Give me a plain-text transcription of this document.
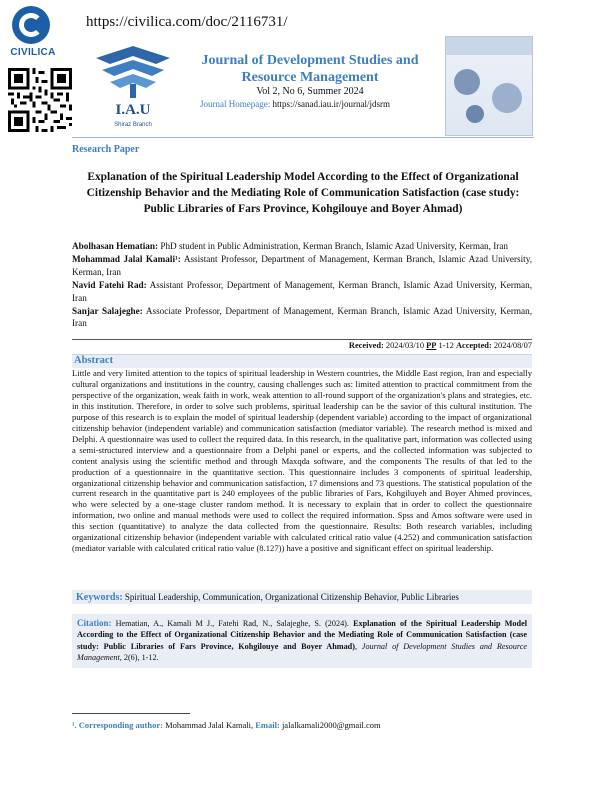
CIVILICA
https://civilica.com/doc/2116731/
I.A.U
Shiraz Branch
Journal of Development Studies and Resource Management
Vol 2, No 6, Summer 2024
Journal Homepage: https://sanad.iau.ir/journal/jdsrm
Research Paper
Explanation of the Spiritual Leadership Model According to the Effect of Organizational Citizenship Behavior and the Mediating Role of Communication Satisfaction (case study: Public Libraries of Fars Province, Kohgilouye and Boyer Ahmad)
Abolhasan Hematian: PhD student in Public Administration, Kerman Branch, Islamic Azad University, Kerman, Iran
Mohammad Jalal Kamali¹: Assistant Professor, Department of Management, Kerman Branch, Islamic Azad University, Kerman, Iran
Navid Fatehi Rad: Assistant Professor, Department of Management, Kerman Branch, Islamic Azad University, Kerman, Iran
Sanjar Salajeghe: Associate Professor, Department of Management, Kerman Branch, Islamic Azad University, Kerman, Iran
Received: 2024/03/10 PP 1-12 Accepted: 2024/08/07
Abstract
Little and very limited attention to the topics of spiritual leadership in Western countries, the Middle East region, Iran and especially cultural organizations and institutions in the country, causing challenges such as: limited attention to practical commitment from the perspective of the organization, weak faith in work, weak attention to all-round support of the organization's plans and strategies, etc. in this institution. Therefore, in order to solve such problems, spiritual leadership can be the savior of this cultural institution. The purpose of this research is to explain the model of spiritual leadership (dependent variable) according to the impact of organizational citizenship behavior (independent variable) and communication satisfaction (mediator variable). The research method is mixed and Delphi. A questionnaire was used to collect the required data. In this research, in the qualitative part, information was collected using a semi-structured interview and a questionnaire from a Delphi panel or experts, and the collected information was subjected to content analysis using the scientific method and through Maxqda software, and the components The results of that led to the production of a questionnaire in the quantitative section. This questionnaire includes 3 components of spiritual leadership, organizational citizenship behavior and communication satisfaction, 17 dimensions and 73 questions. The statistical population of the current research in the quantitative part is 240 employees of the public libraries of Fars, Kohgiluyeh and Boyer Ahmed provinces, who were selected by a one-stage cluster random method. It is necessary to explain that in order to collect the questionnaire information, two online and manual methods were used to collect the required information. Spss and Amos software were used in this section (quantitative) to analyze the data collected from the questionnaire. Results: Both research variables, including organizational citizenship behavior (independent variable with calculated critical ratio value (4.252) and communication satisfaction (mediator variable with calculated critical ratio value (8.127)) have a positive and significant effect on spiritual leadership.
Keywords: Spiritual Leadership, Communication, Organizational Citizenship Behavior, Public Libraries
Citation: Hematian, A., Kamali M J., Fatehi Rad, N., Salajeghe, S. (2024). Explanation of the Spiritual Leadership Model According to the Effect of Organizational Citizenship Behavior and the Mediating Role of Communication Satisfaction (case study: Public Libraries of Fars Province, Kohgilouye and Boyer Ahmad), Journal of Development Studies and Resource Management, 2(6), 1-12.
¹. Corresponding author: Mohammad Jalal Kamali, Email: jalalkamali2000@gmail.com
